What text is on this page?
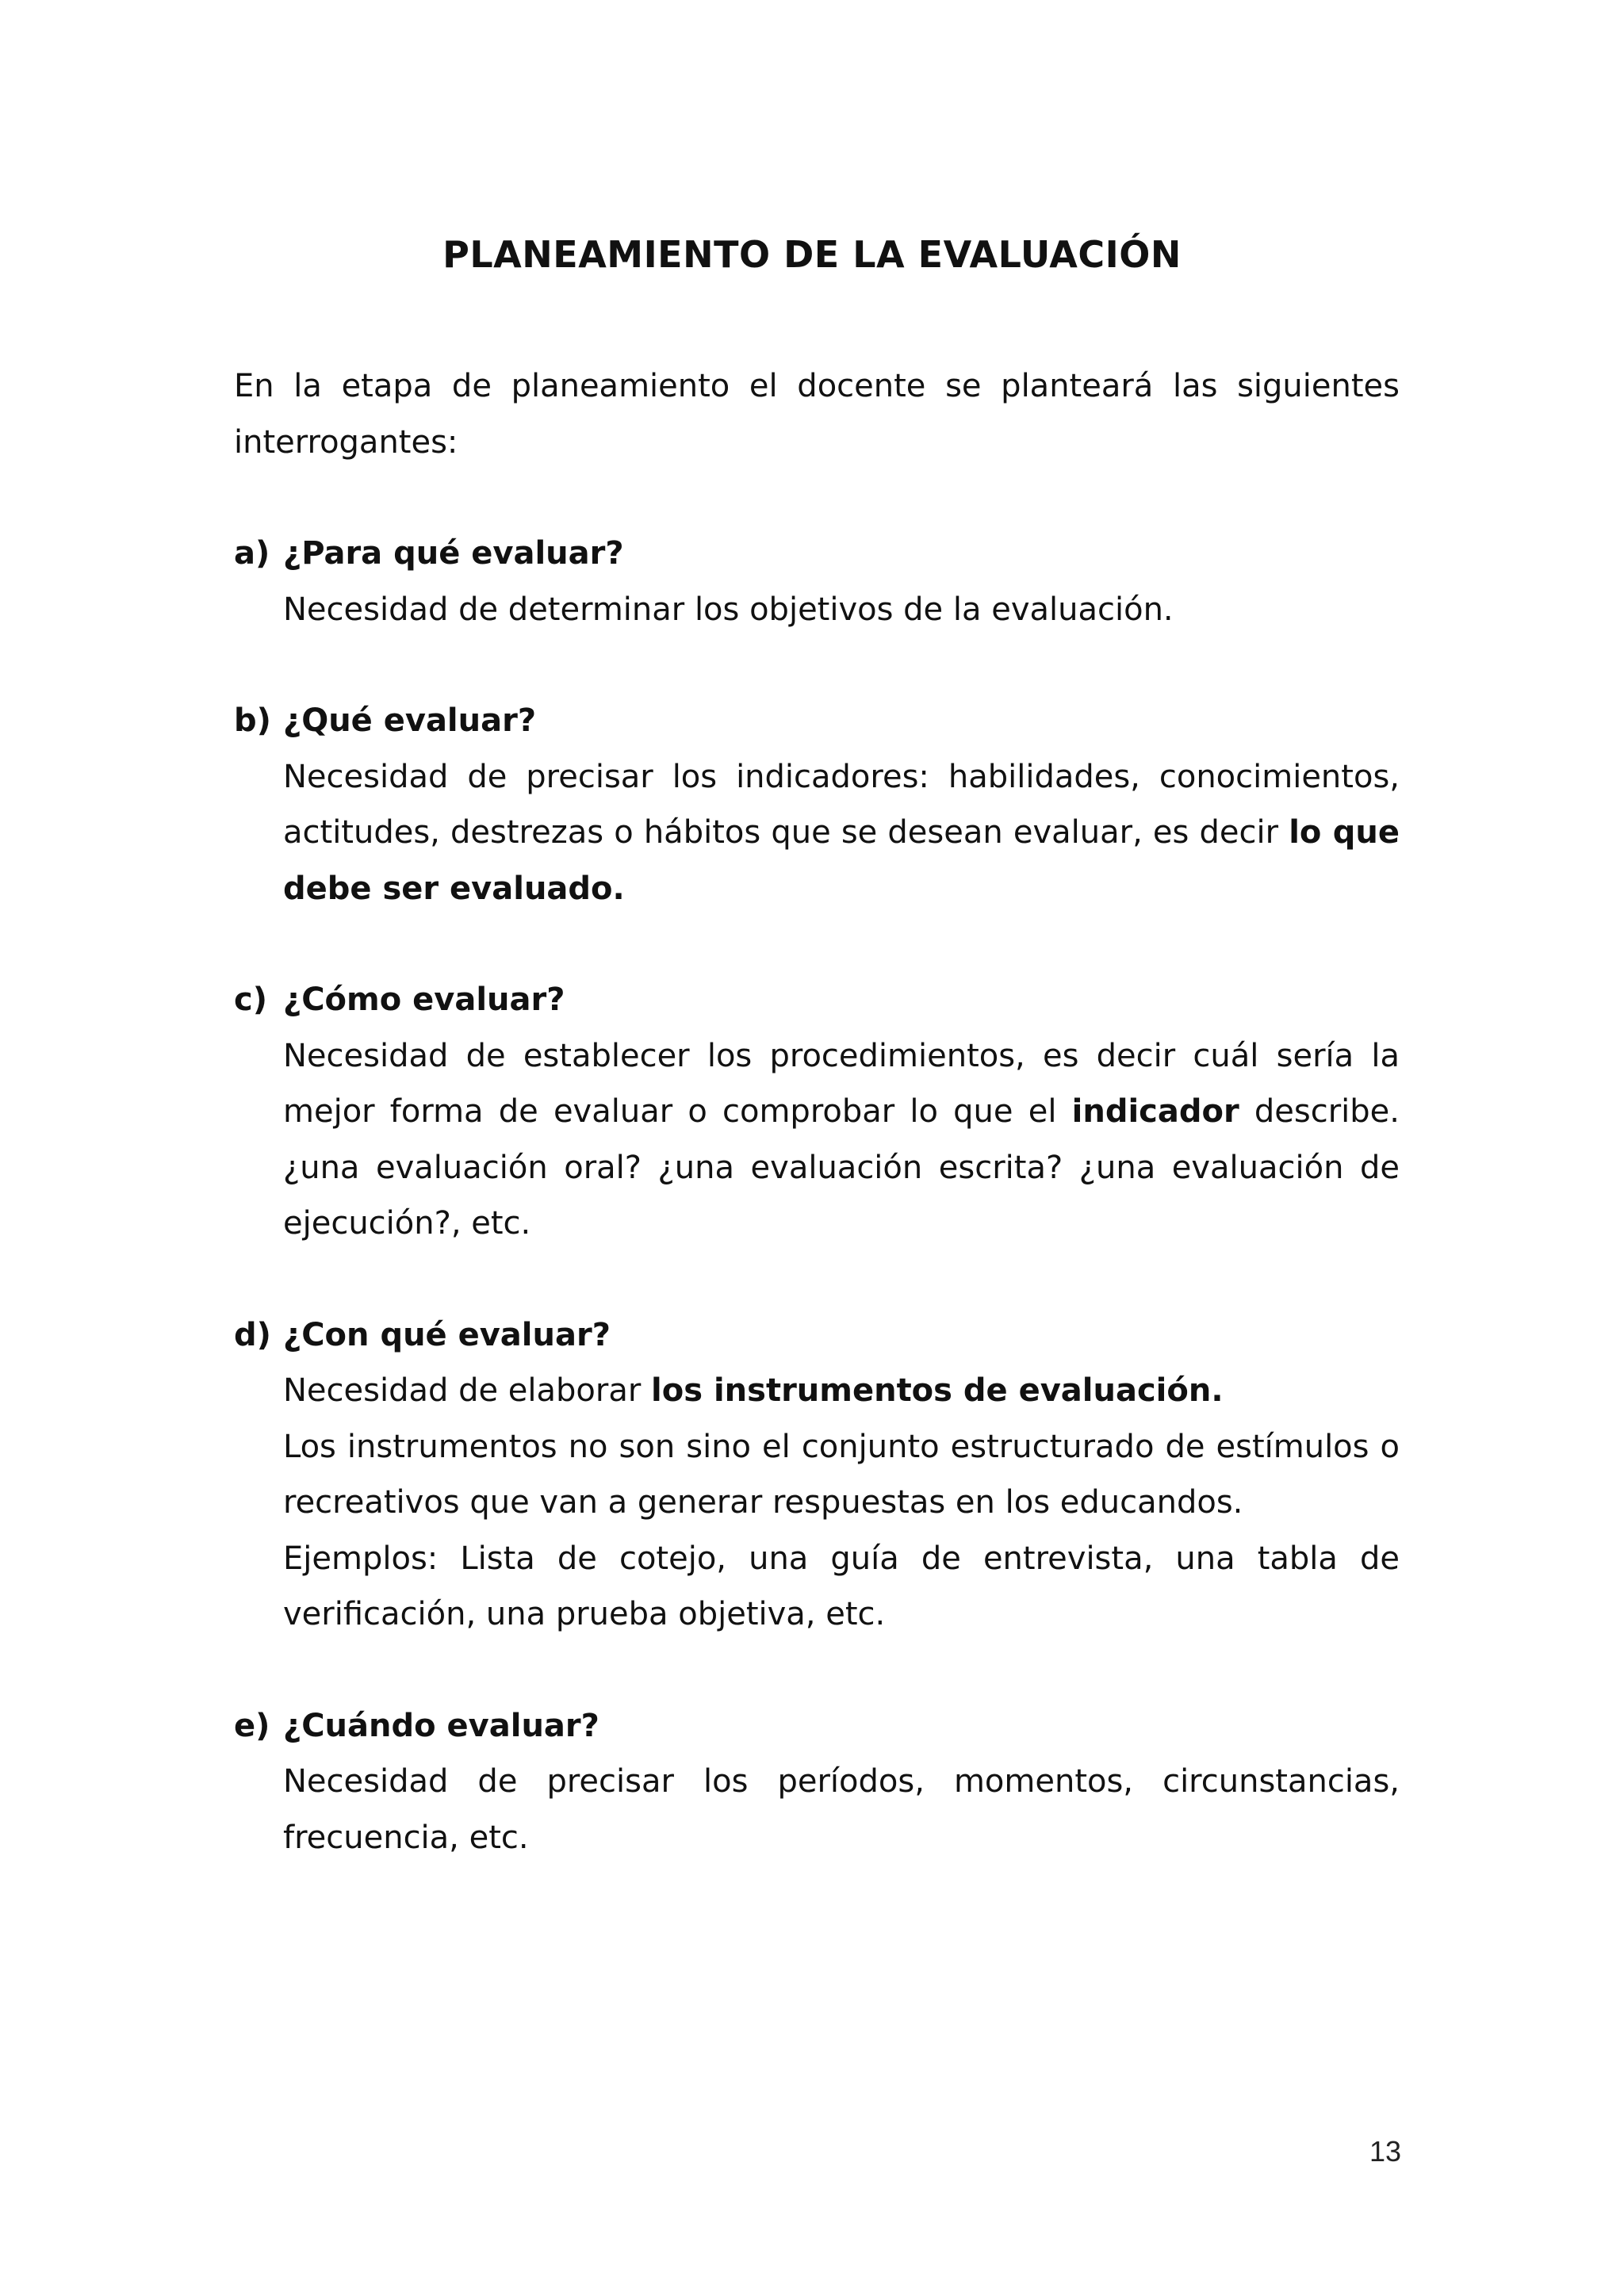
PLANEAMIENTO DE LA EVALUACIÓN

En la etapa de planeamiento el docente se planteará las siguientes interrogantes:

a) ¿Para qué evaluar?

Necesidad de determinar los objetivos de la evaluación.

b) ¿Qué evaluar?

Necesidad de precisar los indicadores: habilidades, conocimientos, actitudes, destrezas o hábitos que se desean evaluar, es decir lo que debe ser evaluado.

c) ¿Cómo evaluar?

Necesidad de establecer los procedimientos, es decir cuál sería la mejor forma de evaluar o comprobar lo que el indicador describe. ¿una evaluación oral? ¿una evaluación escrita? ¿una evaluación de ejecución?, etc.

d) ¿Con qué evaluar?

Necesidad de elaborar los instrumentos de evaluación.

Los instrumentos no son sino el conjunto estructurado de estímulos o recreativos que van a generar respuestas en los educandos.

Ejemplos: Lista de cotejo, una guía de entrevista, una tabla de verificación, una prueba objetiva, etc.

e) ¿Cuándo evaluar?

Necesidad de precisar los períodos, momentos, circunstancias, frecuencia, etc.

13
